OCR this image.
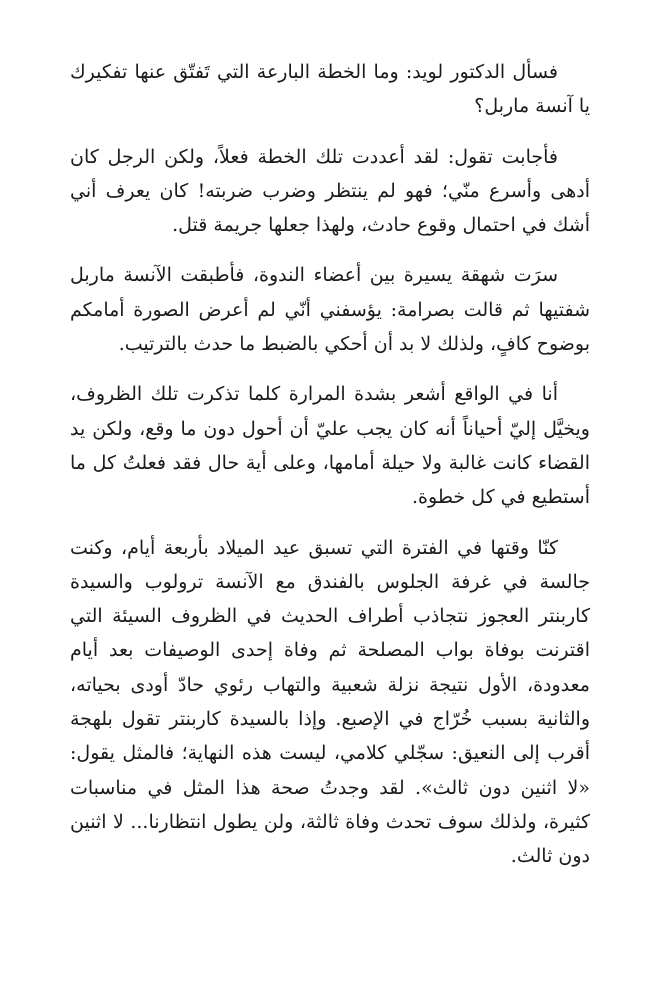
فسأل الدكتور لويد: وما الخطة البارعة التي تَفتّق عنها تفكيرك يا آنسة ماربل؟

فأجابت تقول: لقد أعددت تلك الخطة فعلاً، ولكن الرجل كان أدهى وأسرع منّي؛ فهو لم ينتظر وضرب ضربته! كان يعرف أني أشك في احتمال وقوع حادث، ولهذا جعلها جريمة قتل.

سرَت شهقة يسيرة بين أعضاء الندوة، فأطبقت الآنسة ماربل شفتيها ثم قالت بصرامة: يؤسفني أنّي لم أعرض الصورة أمامكم بوضوح كافٍ، ولذلك لا بد أن أحكي بالضبط ما حدث بالترتيب.

أنا في الواقع أشعر بشدة المرارة كلما تذكرت تلك الظروف، ويخيَّل إليّ أحياناً أنه كان يجب عليّ أن أحول دون ما وقع، ولكن يد القضاء كانت غالبة ولا حيلة أمامها، وعلى أية حال فقد فعلتُ كل ما أستطيع في كل خطوة.

كنّا وقتها في الفترة التي تسبق عيد الميلاد بأربعة أيام، وكنت جالسة في غرفة الجلوس بالفندق مع الآنسة ترولوب والسيدة كاربنتر العجوز نتجاذب أطراف الحديث في الظروف السيئة التي اقترنت بوفاة بواب المصلحة ثم وفاة إحدى الوصيفات بعد أيام معدودة، الأول نتيجة نزلة شعبية والتهاب رئوي حادّ أودى بحياته، والثانية بسبب خُرّاج في الإصبع. وإذا بالسيدة كاربنتر تقول بلهجة أقرب إلى النعيق: سجّلي كلامي، ليست هذه النهاية؛ فالمثل يقول: «لا اثنين دون ثالث». لقد وجدتُ صحة هذا المثل في مناسبات كثيرة، ولذلك سوف تحدث وفاة ثالثة، ولن يطول انتظارنا... لا اثنين دون ثالث.
